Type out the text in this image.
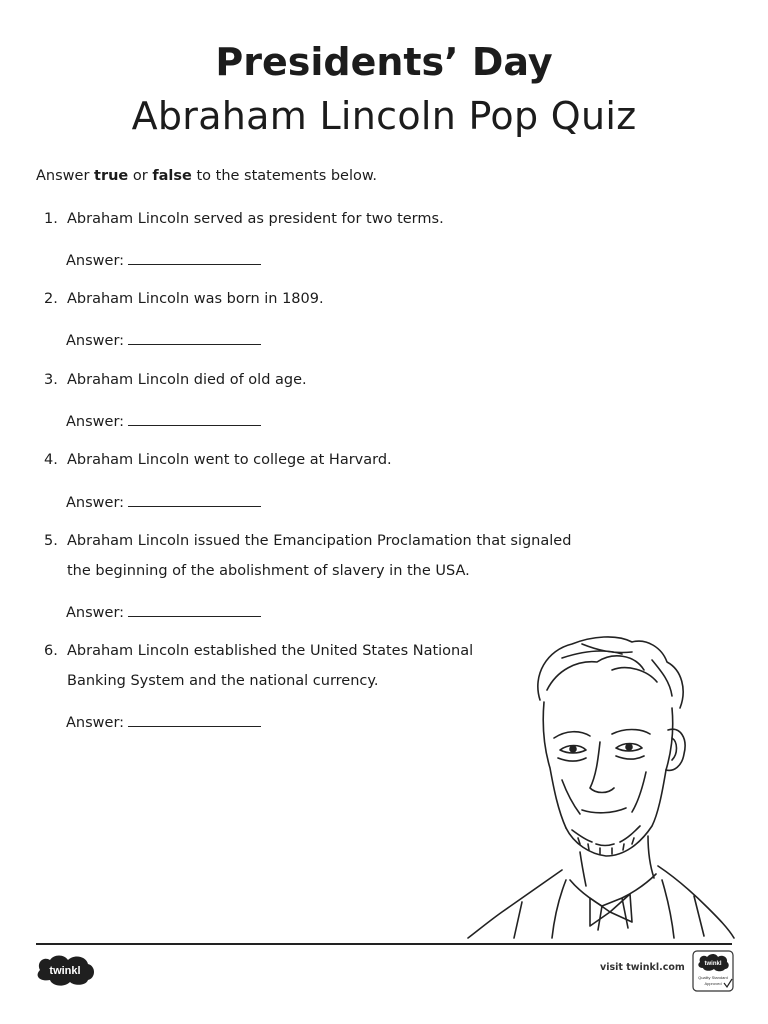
Presidents’ Day
Abraham Lincoln Pop Quiz

Answer true or false to the statements below.

1. Abraham Lincoln served as president for two terms.
Answer:
2. Abraham Lincoln was born in 1809.
Answer:
3. Abraham Lincoln died of old age.
Answer:
4. Abraham Lincoln went to college at Harvard.
Answer:
5. Abraham Lincoln issued the Emancipation Proclamation that signaled
the beginning of the abolishment of slavery in the USA.
Answer:
6. Abraham Lincoln established the United States National
Banking System and the national currency.
Answer:
twinkl	visit twinkl.com	twinkl
Quality Standard
Approved
